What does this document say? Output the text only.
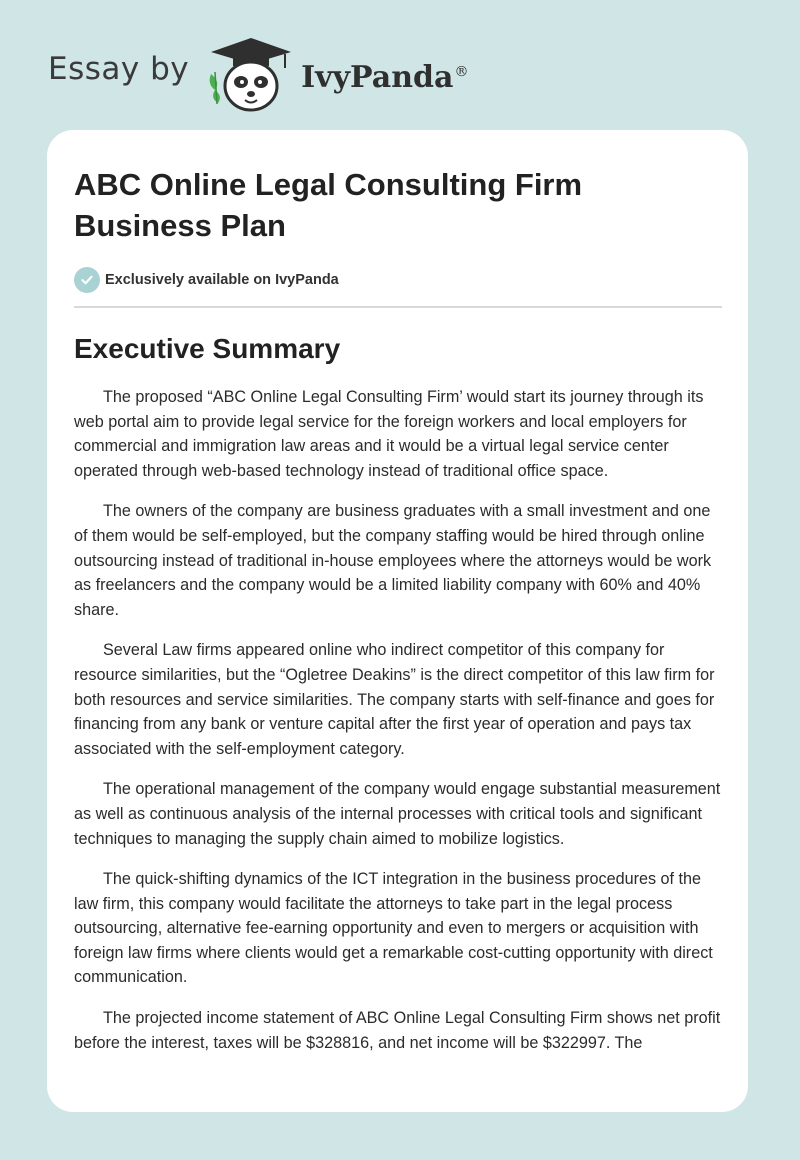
Essay by	IvyPanda®
ABC Online Legal Consulting Firm Business Plan
Exclusively available on IvyPanda
Executive Summary

The proposed “ABC Online Legal Consulting Firm’ would start its journey through its web portal aim to provide legal service for the foreign workers and local employers for commercial and immigration law areas and it would be a virtual legal service center operated through web-based technology instead of traditional office space.

The owners of the company are business graduates with a small investment and one of them would be self-employed, but the company staffing would be hired through online outsourcing instead of traditional in-house employees where the attorneys would be work as freelancers and the company would be a limited liability company with 60% and 40% share.

Several Law firms appeared online who indirect competitor of this company for resource similarities, but the “Ogletree Deakins” is the direct competitor of this law firm for both resources and service similarities. The company starts with self-finance and goes for financing from any bank or venture capital after the first year of operation and pays tax associated with the self-employment category.

The operational management of the company would engage substantial measurement as well as continuous analysis of the internal processes with critical tools and significant techniques to managing the supply chain aimed to mobilize logistics.

The quick-shifting dynamics of the ICT integration in the business procedures of the law firm, this company would facilitate the attorneys to take part in the legal process outsourcing, alternative fee-earning opportunity and even to mergers or acquisition with foreign law firms where clients would get a remarkable cost-cutting opportunity with direct communication.

The projected income statement of ABC Online Legal Consulting Firm shows net profit before the interest, taxes will be $328816, and net income will be $322997. The
